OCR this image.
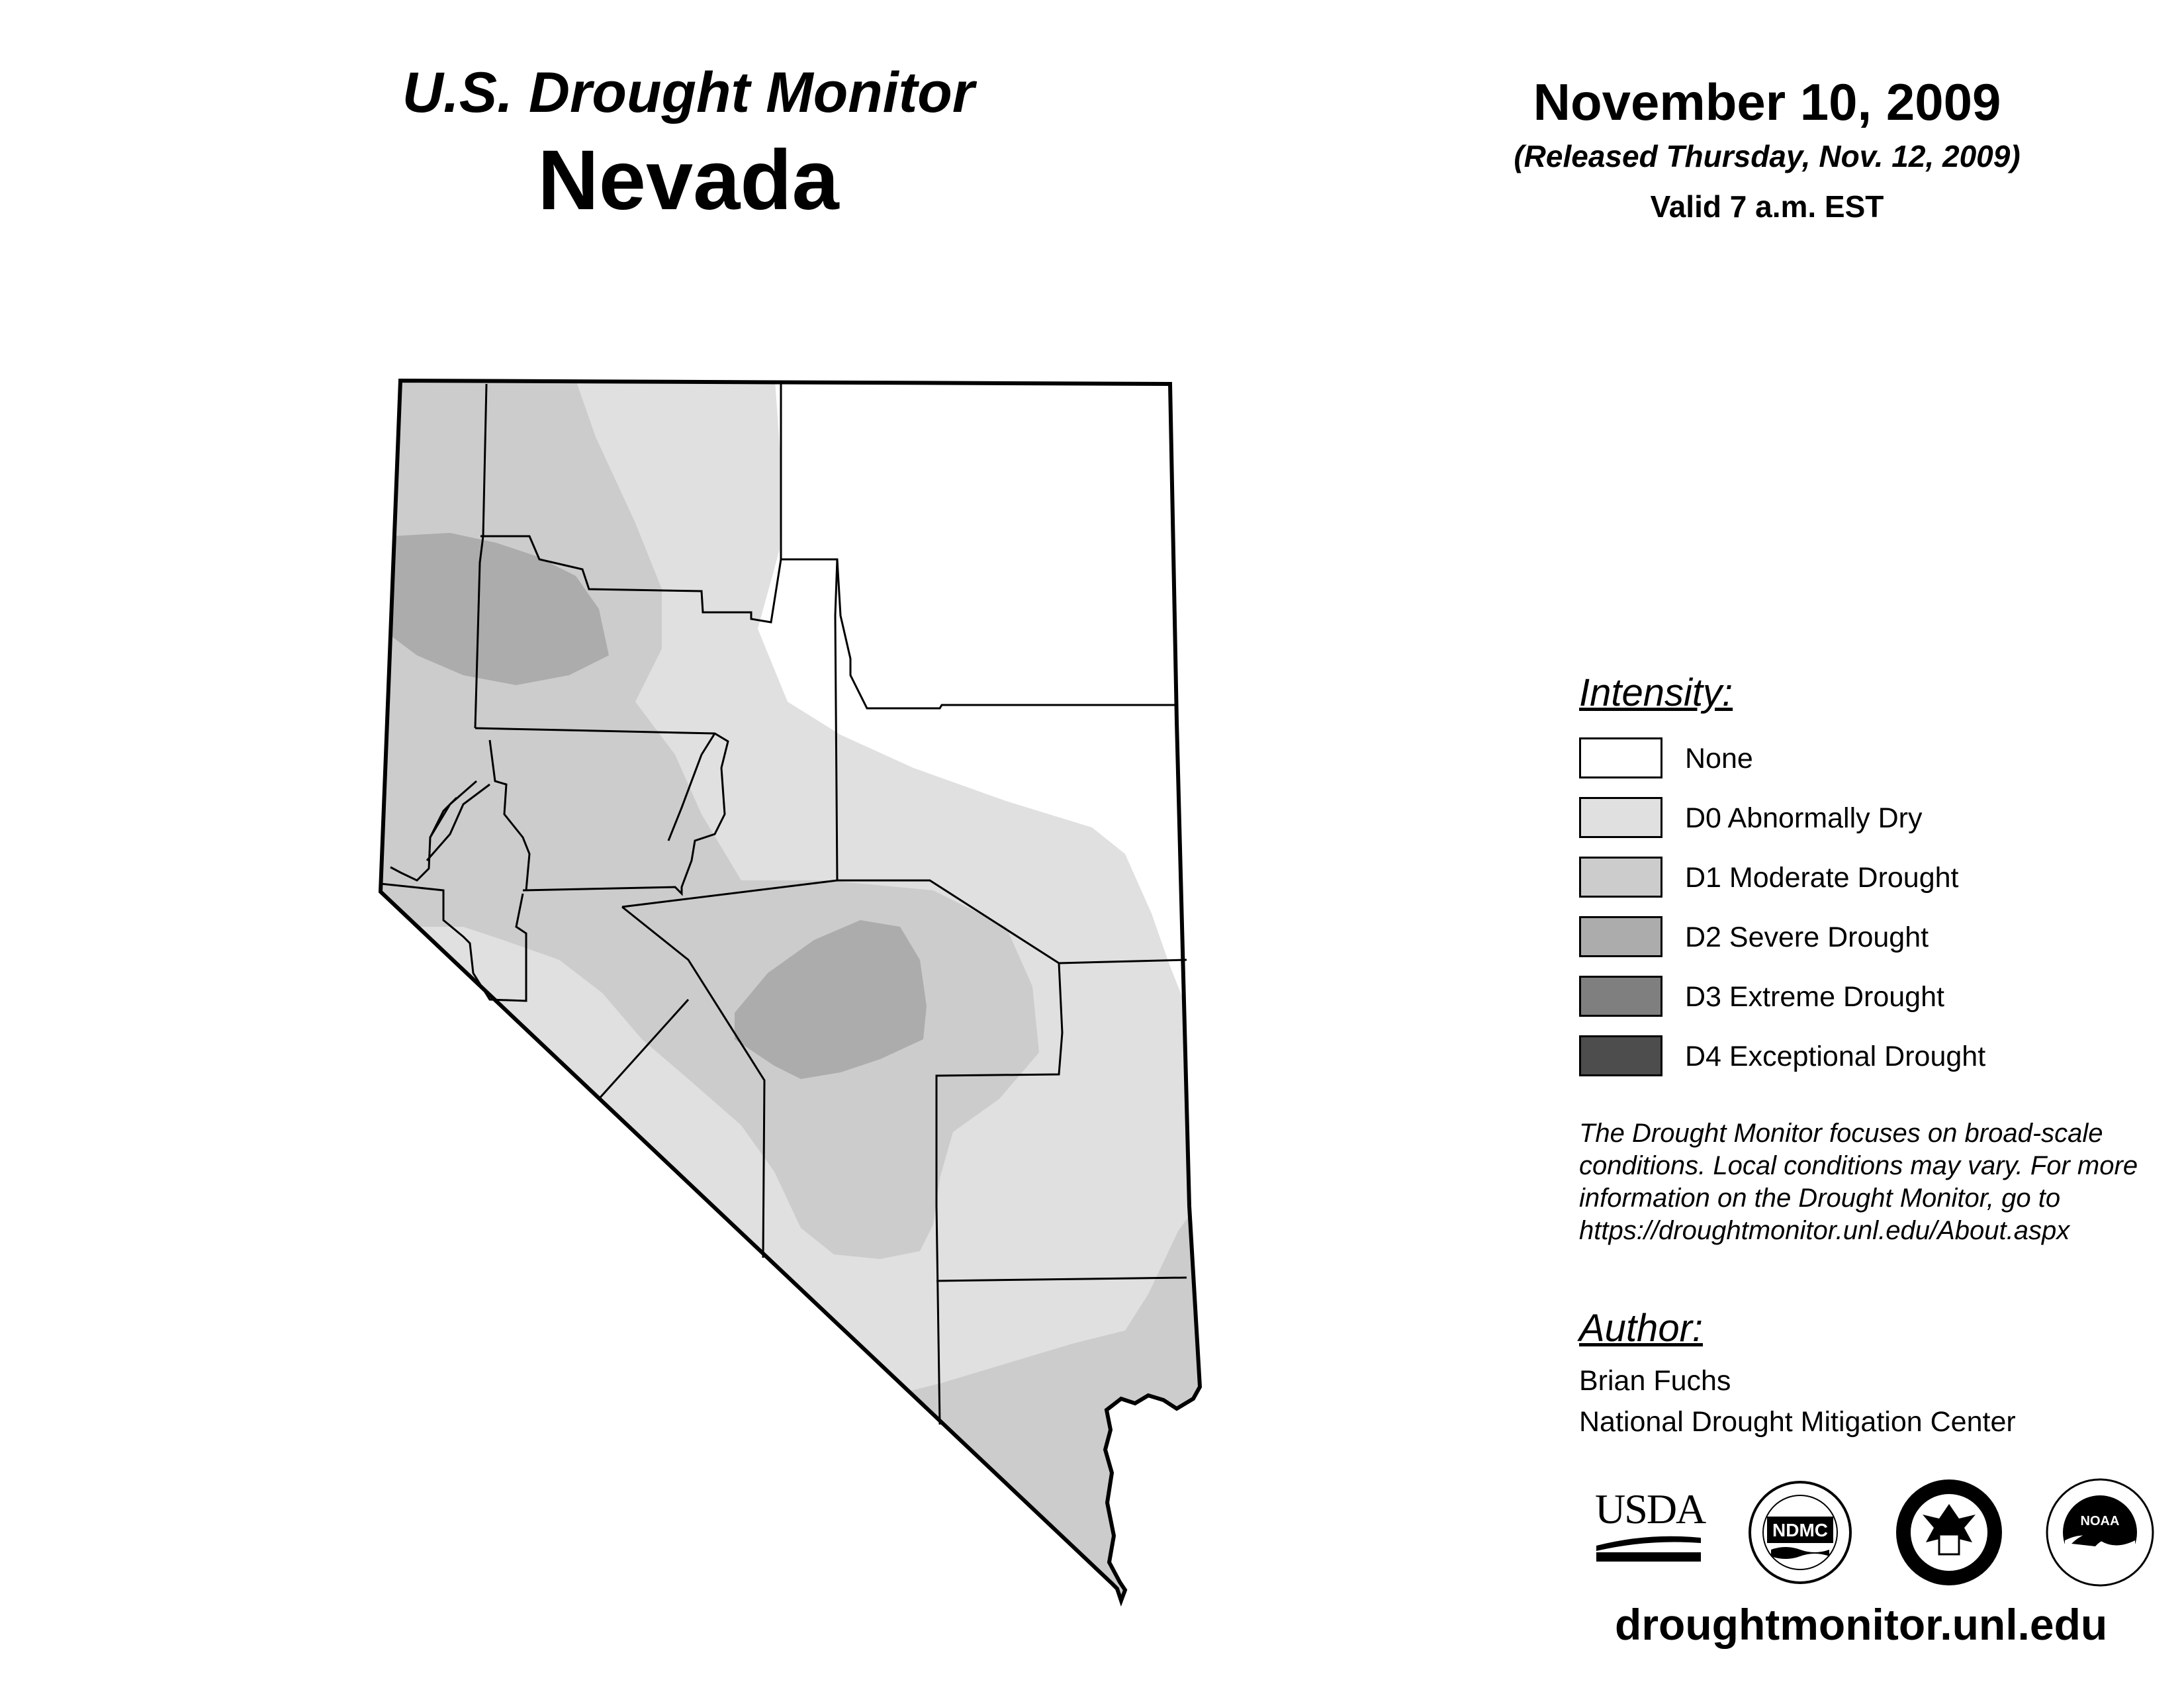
U.S. Drought Monitor
Nevada
November 10, 2009
(Released Thursday, Nov. 12, 2009)
Valid 7 a.m. EST
Intensity:
None
D0 Abnormally Dry
D1 Moderate Drought
D2 Severe Drought
D3 Extreme Drought
D4 Exceptional Drought
The Drought Monitor focuses on broad-scale
conditions. Local conditions may vary. For more
information on the Drought Monitor, go to
https://droughtmonitor.unl.edu/About.aspx
Author:
Brian Fuchs
National Drought Mitigation Center
USDA	NDMC	NOAA
droughtmonitor.unl.edu
